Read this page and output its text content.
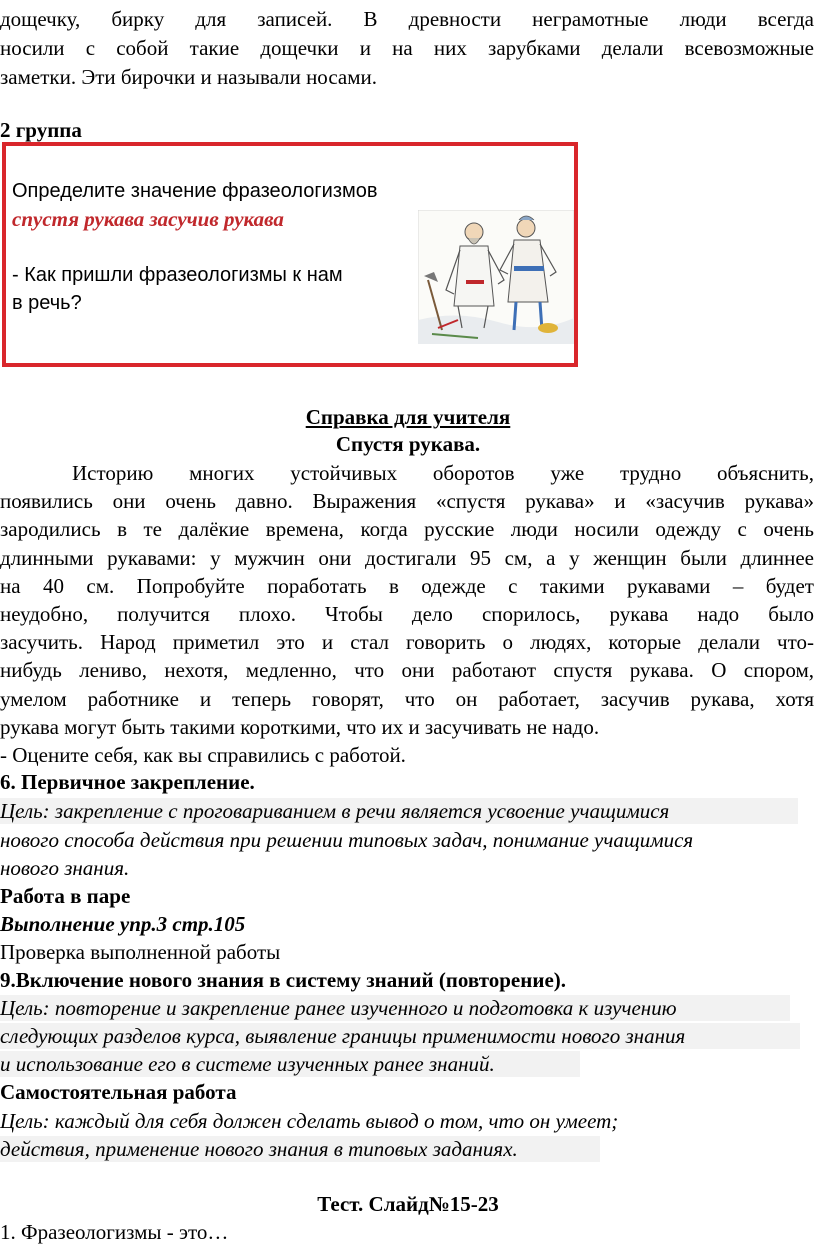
дощечку, бирку для записей. В древности неграмотные люди всегда
носили с собой такие дощечки и на них зарубками делали всевозможные
заметки. Эти бирочки и называли носами.
2 группа
Определите значение фразеологизмов
спустя рукава засучив рукава
- Как пришли фразеологизмы к нам
в речь?
Справка для учителя
Спустя рукава.
Историю многих устойчивых оборотов уже трудно объяснить,
появились они очень давно. Выражения «спустя рукава» и «засучив рукава»
зародились в те далёкие времена, когда русские люди носили одежду с очень
длинными рукавами: у мужчин они достигали 95 см, а у женщин были длиннее
на 40 см. Попробуйте поработать в одежде с такими рукавами – будет
неудобно, получится плохо. Чтобы дело спорилось, рукава надо было
засучить. Народ приметил это и стал говорить о людях, которые делали что-
нибудь лениво, нехотя, медленно, что они работают спустя рукава. О спором,
умелом работнике и теперь говорят, что он работает, засучив рукава, хотя
рукава могут быть такими короткими, что их и засучивать не надо.
- Оцените себя, как вы справились с работой.
6. Первичное закрепление.
Цель: закрепление с проговариванием в речи является усвоение учащимися
нового способа действия при решении типовых задач, понимание учащимися
нового знания.
Работа в паре
Выполнение упр.3 стр.105
Проверка выполненной работы
9.Включение нового знания в систему знаний (повторение).
Цель: повторение и закрепление ранее изученного и подготовка к изучению
следующих разделов курса, выявление границы применимости нового знания
и использование его в системе изученных ранее знаний.
Самостоятельная работа
Цель: каждый для себя должен сделать вывод о том, что он умеет;
действия, применение нового знания в типовых заданиях.
Тест. Слайд№15-23
1. Фразеологизмы - это…
